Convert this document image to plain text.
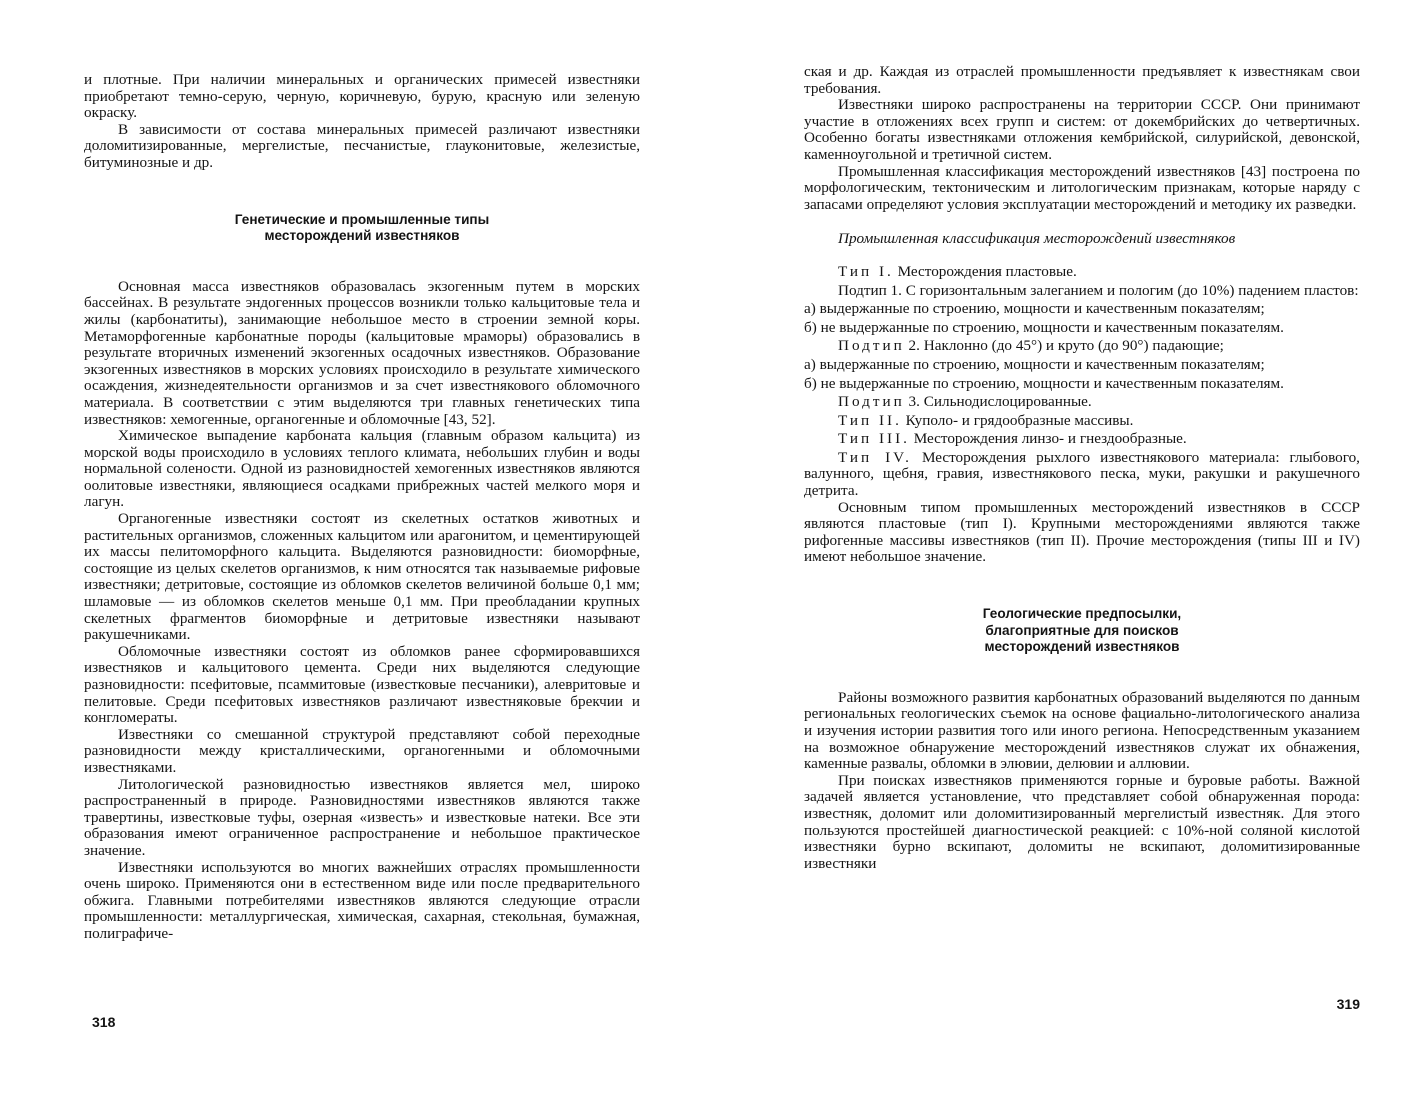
и плотные. При наличии минеральных и органических примесей известняки приобретают темно-серую, черную, коричневую, бурую, красную или зеленую окраску.

В зависимости от состава минеральных примесей различают известняки доломитизированные, мергелистые, песчанистые, глауконитовые, железистые, битуминозные и др.

Генетические и промышленные типы
месторождений известняков

Основная масса известняков образовалась экзогенным путем в морских бассейнах. В результате эндогенных процессов возникли только кальцитовые тела и жилы (карбонатиты), занимающие небольшое место в строении земной коры. Метаморфогенные карбонатные породы (кальцитовые мраморы) образовались в результате вторичных изменений экзогенных осадочных известняков. Образование экзогенных известняков в морских условиях происходило в результате химического осаждения, жизнедеятельности организмов и за счет известнякового обломочного материала. В соответствии с этим выделяются три главных генетических типа известняков: хемогенные, органогенные и обломочные [43, 52].

Химическое выпадение карбоната кальция (главным образом кальцита) из морской воды происходило в условиях теплого климата, небольших глубин и воды нормальной солености. Одной из разновидностей хемогенных известняков являются оолитовые известняки, являющиеся осадками прибрежных частей мелкого моря и лагун.

Органогенные известняки состоят из скелетных остатков животных и растительных организмов, сложенных кальцитом или арагонитом, и цементирующей их массы пелитоморфного кальцита. Выделяются разновидности: биоморфные, состоящие из целых скелетов организмов, к ним относятся так называемые рифовые известняки; детритовые, состоящие из обломков скелетов величиной больше 0,1 мм; шламовые — из обломков скелетов меньше 0,1 мм. При преобладании крупных скелетных фрагментов биоморфные и детритовые известняки называют ракушечниками.

Обломочные известняки состоят из обломков ранее сформировавшихся известняков и кальцитового цемента. Среди них выделяются следующие разновидности: псефитовые, псаммитовые (известковые песчаники), алевритовые и пелитовые. Среди псефитовых известняков различают известняковые брекчии и конгломераты.

Известняки со смешанной структурой представляют собой переходные разновидности между кристаллическими, органогенными и обломочными известняками.

Литологической разновидностью известняков является мел, широко распространенный в природе. Разновидностями известняков являются также травертины, известковые туфы, озерная «известь» и известковые натеки. Все эти образования имеют ограниченное распространение и небольшое практическое значение.

Известняки используются во многих важнейших отраслях промышленности очень широко. Применяются они в естественном виде или после предварительного обжига. Главными потребителями известняков являются следующие отрасли промышленности: металлургическая, химическая, сахарная, стекольная, бумажная, полиграфиче-

318

ская и др. Каждая из отраслей промышленности предъявляет к известнякам свои требования.

Известняки широко распространены на территории СССР. Они принимают участие в отложениях всех групп и систем: от докембрийских до четвертичных. Особенно богаты известняками отложения кембрийской, силурийской, девонской, каменноугольной и третичной систем.

Промышленная классификация месторождений известняков [43] построена по морфологическим, тектоническим и литологическим признакам, которые наряду с запасами определяют условия эксплуатации месторождений и методику их разведки.

Промышленная классификация месторождений известняков

Тип I. Месторождения пластовые.

Подтип 1. С горизонтальным залеганием и пологим (до 10%) падением пластов:

а) выдержанные по строению, мощности и качественным показателям;

б) не выдержанные по строению, мощности и качественным показателям.

Подтип 2. Наклонно (до 45°) и круто (до 90°) падающие;

а) выдержанные по строению, мощности и качественным показателям;

б) не выдержанные по строению, мощности и качественным показателям.

Подтип 3. Сильнодислоцированные.

Тип II. Куполо- и грядообразные массивы.

Тип III. Месторождения линзо- и гнездообразные.

Тип IV. Месторождения рыхлого известнякового материала: глыбового, валунного, щебня, гравия, известнякового песка, муки, ракушки и ракушечного детрита.

Основным типом промышленных месторождений известняков в СССР являются пластовые (тип I). Крупными месторождениями являются также рифогенные массивы известняков (тип II). Прочие месторождения (типы III и IV) имеют небольшое значение.

Геологические предпосылки,
благоприятные для поисков
месторождений известняков

Районы возможного развития карбонатных образований выделяются по данным региональных геологических съемок на основе фациально-литологического анализа и изучения истории развития того или иного региона. Непосредственным указанием на возможное обнаружение месторождений известняков служат их обнажения, каменные развалы, обломки в элювии, делювии и аллювии.

При поисках известняков применяются горные и буровые работы. Важной задачей является установление, что представляет собой обнаруженная порода: известняк, доломит или доломитизированный мергелистый известняк. Для этого пользуются простейшей диагностической реакцией: с 10%-ной соляной кислотой известняки бурно вскипают, доломиты не вскипают, доломитизированные известняки

319
